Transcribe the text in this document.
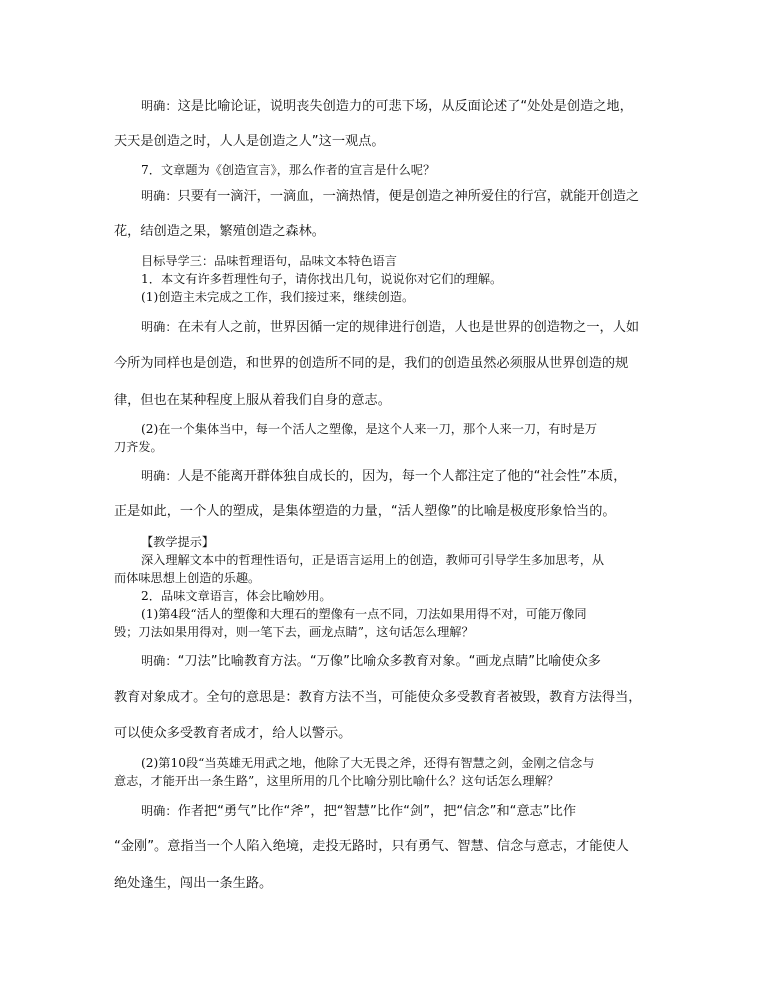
明确：这是比喻论证，说明丧失创造力的可悲下场，从反面论述了“处处是创造之地，
天天是创造之时，人人是创造之人”这一观点。
7．文章题为《创造宣言》，那么作者的宣言是什么呢？
明确：只要有一滴汗，一滴血，一滴热情，便是创造之神所爱住的行宫，就能开创造之
花，结创造之果，繁殖创造之森林。
目标导学三：品味哲理语句，品味文本特色语言
1．本文有许多哲理性句子，请你找出几句，说说你对它们的理解。
(1)创造主未完成之工作，我们接过来，继续创造。
明确：在未有人之前，世界因循一定的规律进行创造，人也是世界的创造物之一，人如
今所为同样也是创造，和世界的创造所不同的是，我们的创造虽然必须服从世界创造的规
律，但也在某种程度上服从着我们自身的意志。
(2)在一个集体当中，每一个活人之塑像，是这个人来一刀，那个人来一刀，有时是万
刀齐发。
明确：人是不能离开群体独自成长的，因为，每一个人都注定了他的“社会性”本质，
正是如此，一个人的塑成，是集体塑造的力量，“活人塑像”的比喻是极度形象恰当的。
【教学提示】
深入理解文本中的哲理性语句，正是语言运用上的创造，教师可引导学生多加思考，从
而体味思想上创造的乐趣。
2．品味文章语言，体会比喻妙用。
(1)第4段“活人的塑像和大理石的塑像有一点不同，刀法如果用得不对，可能万像同
毁；刀法如果用得对，则一笔下去，画龙点睛”，这句话怎么理解？
明确：“刀法”比喻教育方法。“万像”比喻众多教育对象。“画龙点睛”比喻使众多
教育对象成才。全句的意思是：教育方法不当，可能使众多受教育者被毁，教育方法得当，
可以使众多受教育者成才，给人以警示。
(2)第10段“当英雄无用武之地，他除了大无畏之斧，还得有智慧之剑，金刚之信念与
意志，才能开出一条生路”，这里所用的几个比喻分别比喻什么？这句话怎么理解？
明确：作者把“勇气”比作“斧”，把“智慧”比作“剑”，把“信念”和“意志”比作
“金刚”。意指当一个人陷入绝境，走投无路时，只有勇气、智慧、信念与意志，才能使人
绝处逢生，闯出一条生路。
